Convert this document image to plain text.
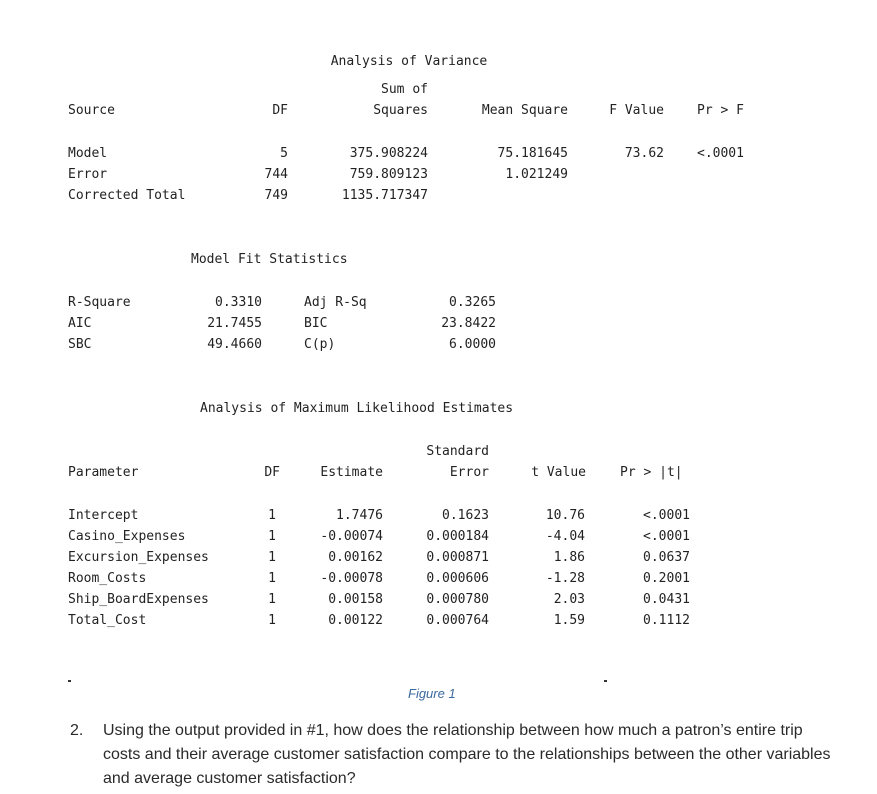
Analysis of Variance

Sum of
Source	DF	Squares	Mean Square	F Value	Pr > F
Model	5	375.908224	75.181645	73.62	<.0001
Error	744	759.809123	1.021249
Corrected Total	749	1135.717347
Model Fit Statistics
R-Square	0.3310	Adj R-Sq	0.3265
AIC	21.7455	BIC	23.8422
SBC	49.4660	C(p)	6.0000
Analysis of Maximum Likelihood Estimates
Standard
Parameter	DF	Estimate	Error	t Value	Pr > |t|
Intercept	1	1.7476	0.1623	10.76	<.0001
Casino_Expenses	1	-0.00074	0.000184	-4.04	<.0001
Excursion_Expenses	1	0.00162	0.000871	1.86	0.0637
Room_Costs	1	-0.00078	0.000606	-1.28	0.2001
Ship_BoardExpenses	1	0.00158	0.000780	2.03	0.0431
Total_Cost	1	0.00122	0.000764	1.59	0.1112
Figure 1
2. Using the output provided in #1, how does the relationship between how much a patron’s entire trip costs and their average customer satisfaction compare to the relationships between the other variables and average customer satisfaction?
